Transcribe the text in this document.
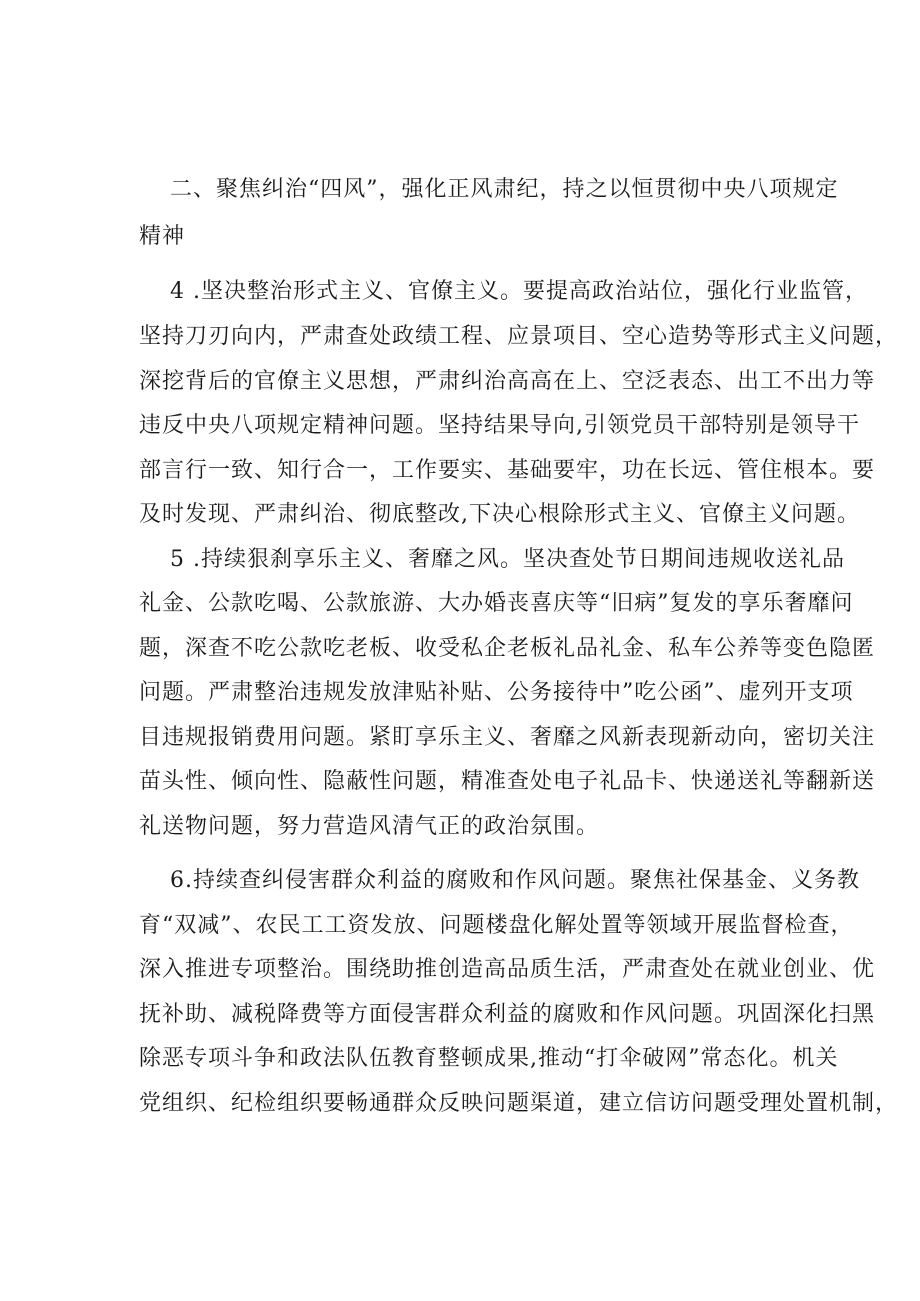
二、聚焦纠治“四风”，强化正风肃纪，持之以恒贯彻中央八项规定
精神
4 .坚决整治形式主义、官僚主义。要提高政治站位，强化行业监管，
坚持刀刃向内，严肃查处政绩工程、应景项目、空心造势等形式主义问题，
深挖背后的官僚主义思想，严肃纠治高高在上、空泛表态、出工不出力等
违反中央八项规定精神问题。坚持结果导向,引领党员干部特别是领导干
部言行一致、知行合一，工作要实、基础要牢，功在长远、管住根本。要
及时发现、严肃纠治、彻底整改,下决心根除形式主义、官僚主义问题。
5 .持续狠刹享乐主义、奢靡之风。坚决查处节日期间违规收送礼品
礼金、公款吃喝、公款旅游、大办婚丧喜庆等“旧病”复发的享乐奢靡问
题，深查不吃公款吃老板、收受私企老板礼品礼金、私车公养等变色隐匿
问题。严肃整治违规发放津贴补贴、公务接待中”吃公函”、虚列开支项
目违规报销费用问题。紧盯享乐主义、奢靡之风新表现新动向，密切关注
苗头性、倾向性、隐蔽性问题，精准查处电子礼品卡、快递送礼等翻新送
礼送物问题，努力营造风清气正的政治氛围。
6.持续查纠侵害群众利益的腐败和作风问题。聚焦社保基金、义务教
育“双减”、农民工工资发放、问题楼盘化解处置等领域开展监督检查，
深入推进专项整治。围绕助推创造高品质生活，严肃查处在就业创业、优
抚补助、减税降费等方面侵害群众利益的腐败和作风问题。巩固深化扫黑
除恶专项斗争和政法队伍教育整顿成果,推动“打伞破网”常态化。机关
党组织、纪检组织要畅通群众反映问题渠道，建立信访问题受理处置机制，
